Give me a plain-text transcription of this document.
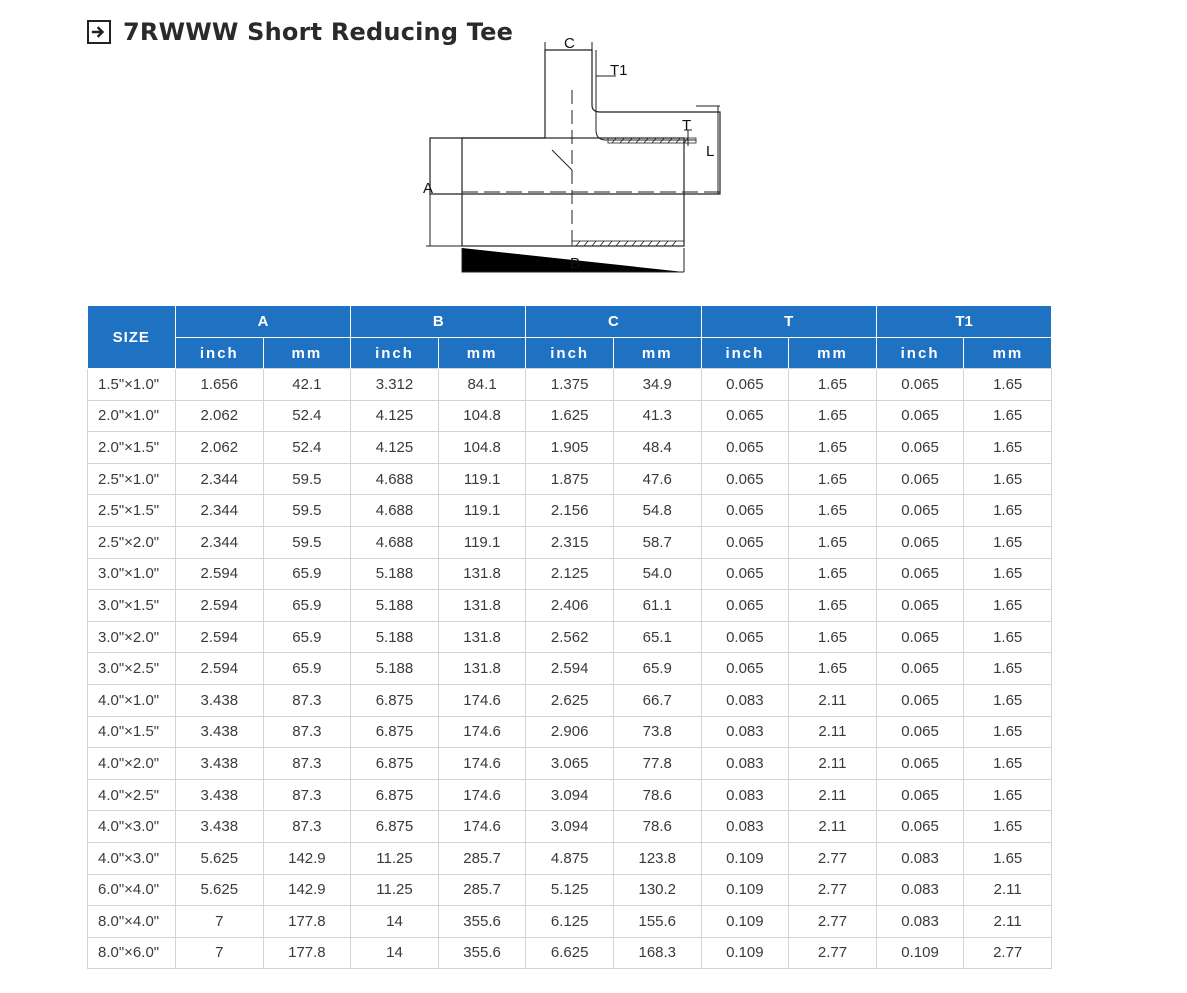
7RWWW Short Reducing Tee
A
B
C
T
T1
L
SIZE	A		B		C		T		T1	
	inch	mm	inch	mm	inch	mm	inch	mm	inch	mm
1.5"×1.0"	1.656	42.1	3.312	84.1	1.375	34.9	0.065	1.65	0.065	1.65
2.0"×1.0"	2.062	52.4	4.125	104.8	1.625	41.3	0.065	1.65	0.065	1.65
2.0"×1.5"	2.062	52.4	4.125	104.8	1.905	48.4	0.065	1.65	0.065	1.65
2.5"×1.0"	2.344	59.5	4.688	119.1	1.875	47.6	0.065	1.65	0.065	1.65
2.5"×1.5"	2.344	59.5	4.688	119.1	2.156	54.8	0.065	1.65	0.065	1.65
2.5"×2.0"	2.344	59.5	4.688	119.1	2.315	58.7	0.065	1.65	0.065	1.65
3.0"×1.0"	2.594	65.9	5.188	131.8	2.125	54.0	0.065	1.65	0.065	1.65
3.0"×1.5"	2.594	65.9	5.188	131.8	2.406	61.1	0.065	1.65	0.065	1.65
3.0"×2.0"	2.594	65.9	5.188	131.8	2.562	65.1	0.065	1.65	0.065	1.65
3.0"×2.5"	2.594	65.9	5.188	131.8	2.594	65.9	0.065	1.65	0.065	1.65
4.0"×1.0"	3.438	87.3	6.875	174.6	2.625	66.7	0.083	2.11	0.065	1.65
4.0"×1.5"	3.438	87.3	6.875	174.6	2.906	73.8	0.083	2.11	0.065	1.65
4.0"×2.0"	3.438	87.3	6.875	174.6	3.065	77.8	0.083	2.11	0.065	1.65
4.0"×2.5"	3.438	87.3	6.875	174.6	3.094	78.6	0.083	2.11	0.065	1.65
4.0"×3.0"	3.438	87.3	6.875	174.6	3.094	78.6	0.083	2.11	0.065	1.65
4.0"×3.0"	5.625	142.9	11.25	285.7	4.875	123.8	0.109	2.77	0.083	1.65
6.0"×4.0"	5.625	142.9	11.25	285.7	5.125	130.2	0.109	2.77	0.083	2.11
8.0"×4.0"	7	177.8	14	355.6	6.125	155.6	0.109	2.77	0.083	2.11
8.0"×6.0"	7	177.8	14	355.6	6.625	168.3	0.109	2.77	0.109	2.77
